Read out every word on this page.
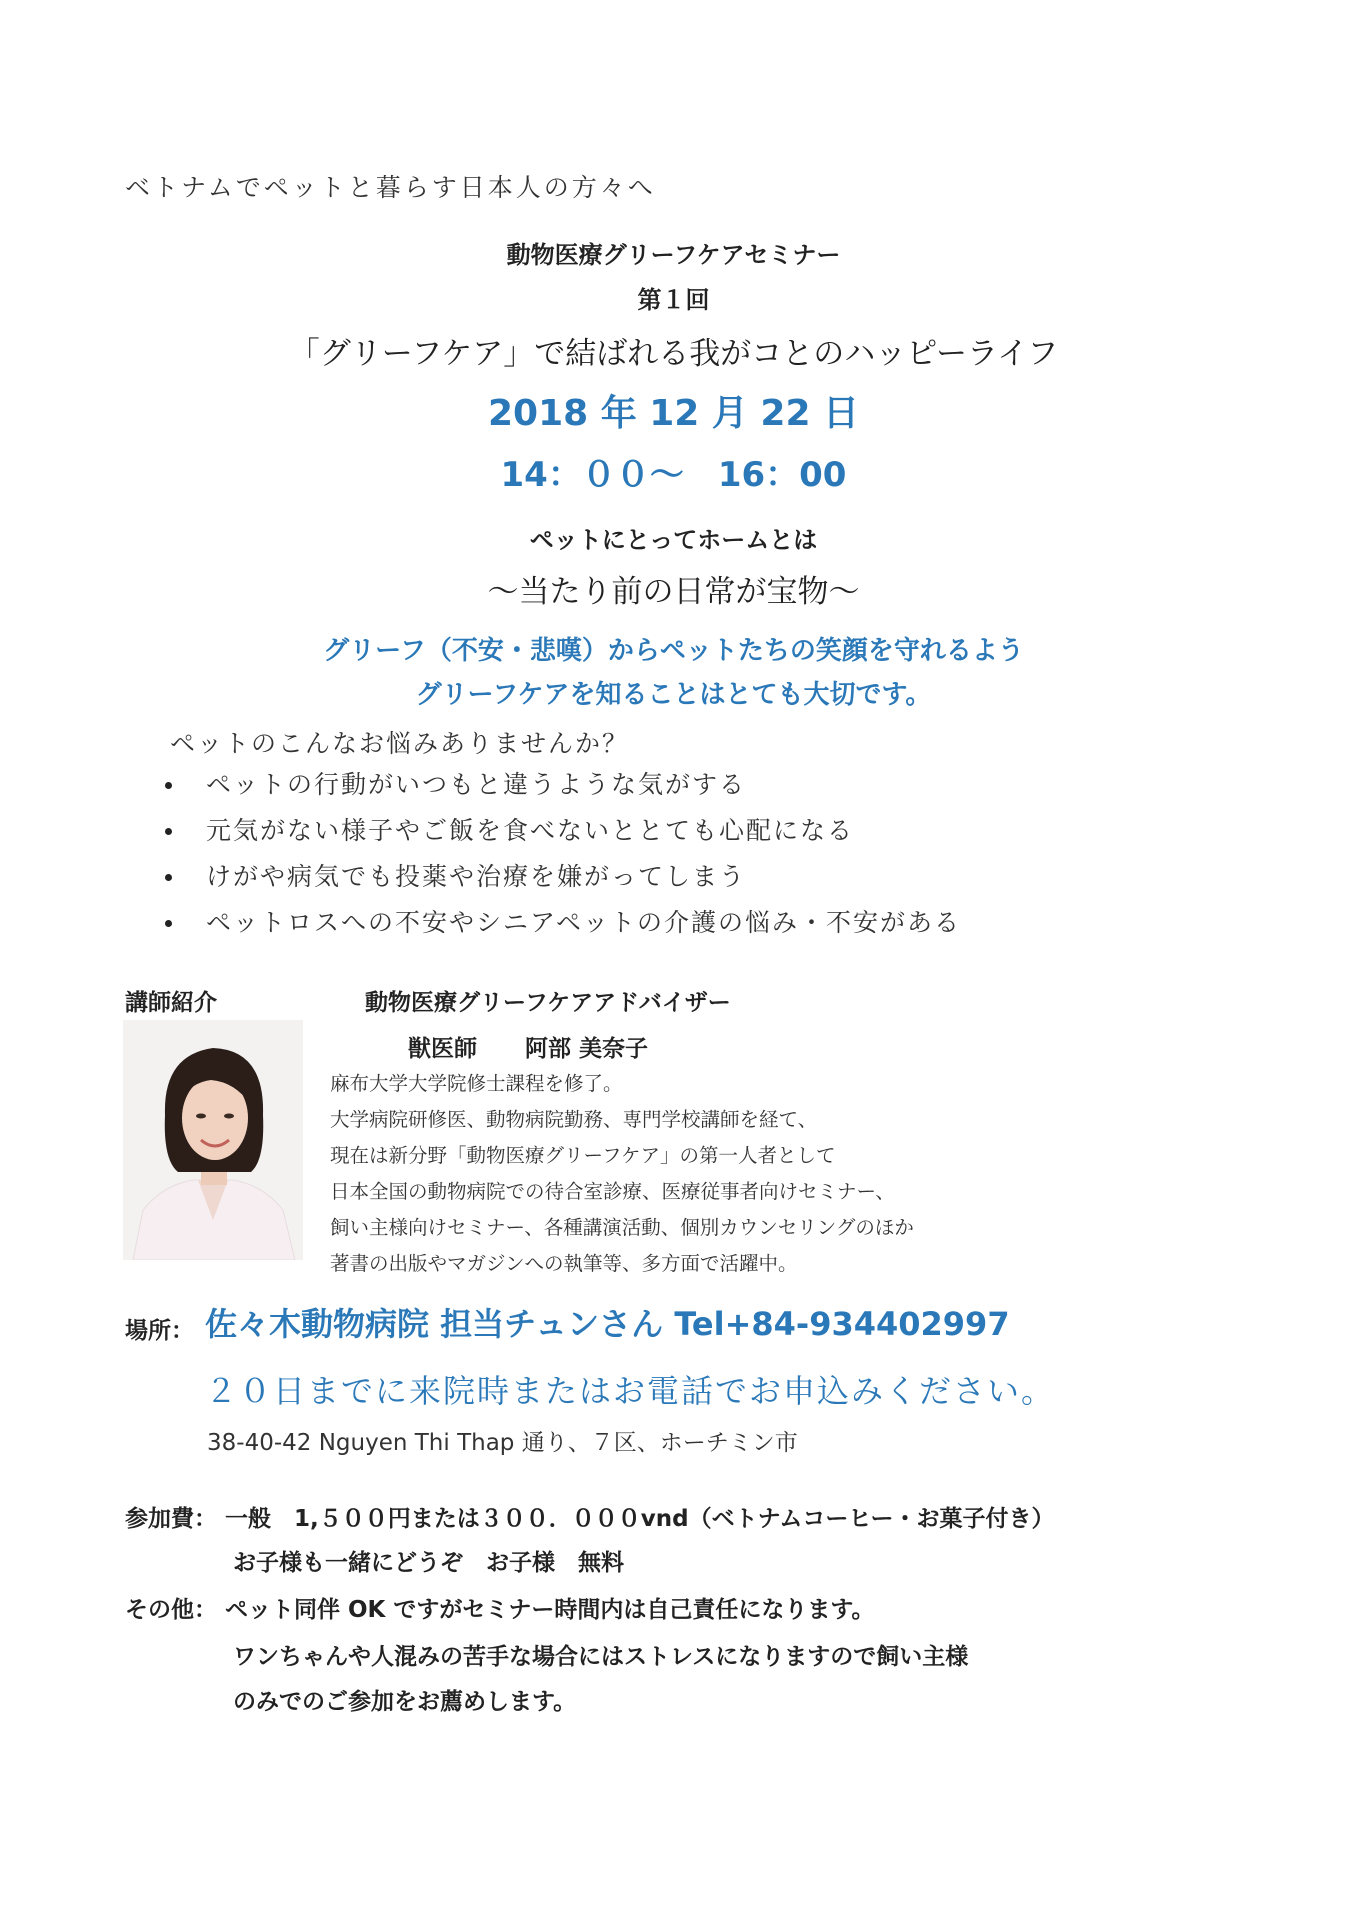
ベトナムでペットと暮らす日本人の方々へ
動物医療グリーフケアセミナー
第１回
「グリーフケア」で結ばれる我がコとのハッピーライフ
2018 年 12 月 22 日
14：００～　16：00
ペットにとってホームとは
～当たり前の日常が宝物～
グリーフ（不安・悲嘆）からペットたちの笑顔を守れるよう
グリーフケアを知ることはとても大切です。
ペットのこんなお悩みありませんか？
ペットの行動がいつもと違うような気がする
元気がない様子やご飯を食べないととても心配になる
けがや病気でも投薬や治療を嫌がってしまう
ペットロスへの不安やシニアペットの介護の悩み・不安がある
講師紹介	動物医療グリーフケアアドバイザー
獣医師 阿部 美奈子
麻布大学大学院修士課程を修了。
大学病院研修医、動物病院勤務、専門学校講師を経て、
現在は新分野「動物医療グリーフケア」の第一人者として
日本全国の動物病院での待合室診療、医療従事者向けセミナー、
飼い主様向けセミナー、各種講演活動、個別カウンセリングのほか
著書の出版やマガジンへの執筆等、多方面で活躍中。
場所： 佐々木動物病院 担当チュンさん Tel+84-934402997
２０日までに来院時またはお電話でお申込みください。
38-40-42 Nguyen Thi Thap 通り、７区、ホーチミン市
参加費： 一般　1,５００円または３００．０００vnd（ベトナムコーヒー・お菓子付き）
お子様も一緒にどうぞ　お子様　無料
その他： ペット同伴 OK ですがセミナー時間内は自己責任になります。
ワンちゃんや人混みの苦手な場合にはストレスになりますので飼い主様
のみでのご参加をお薦めします。
